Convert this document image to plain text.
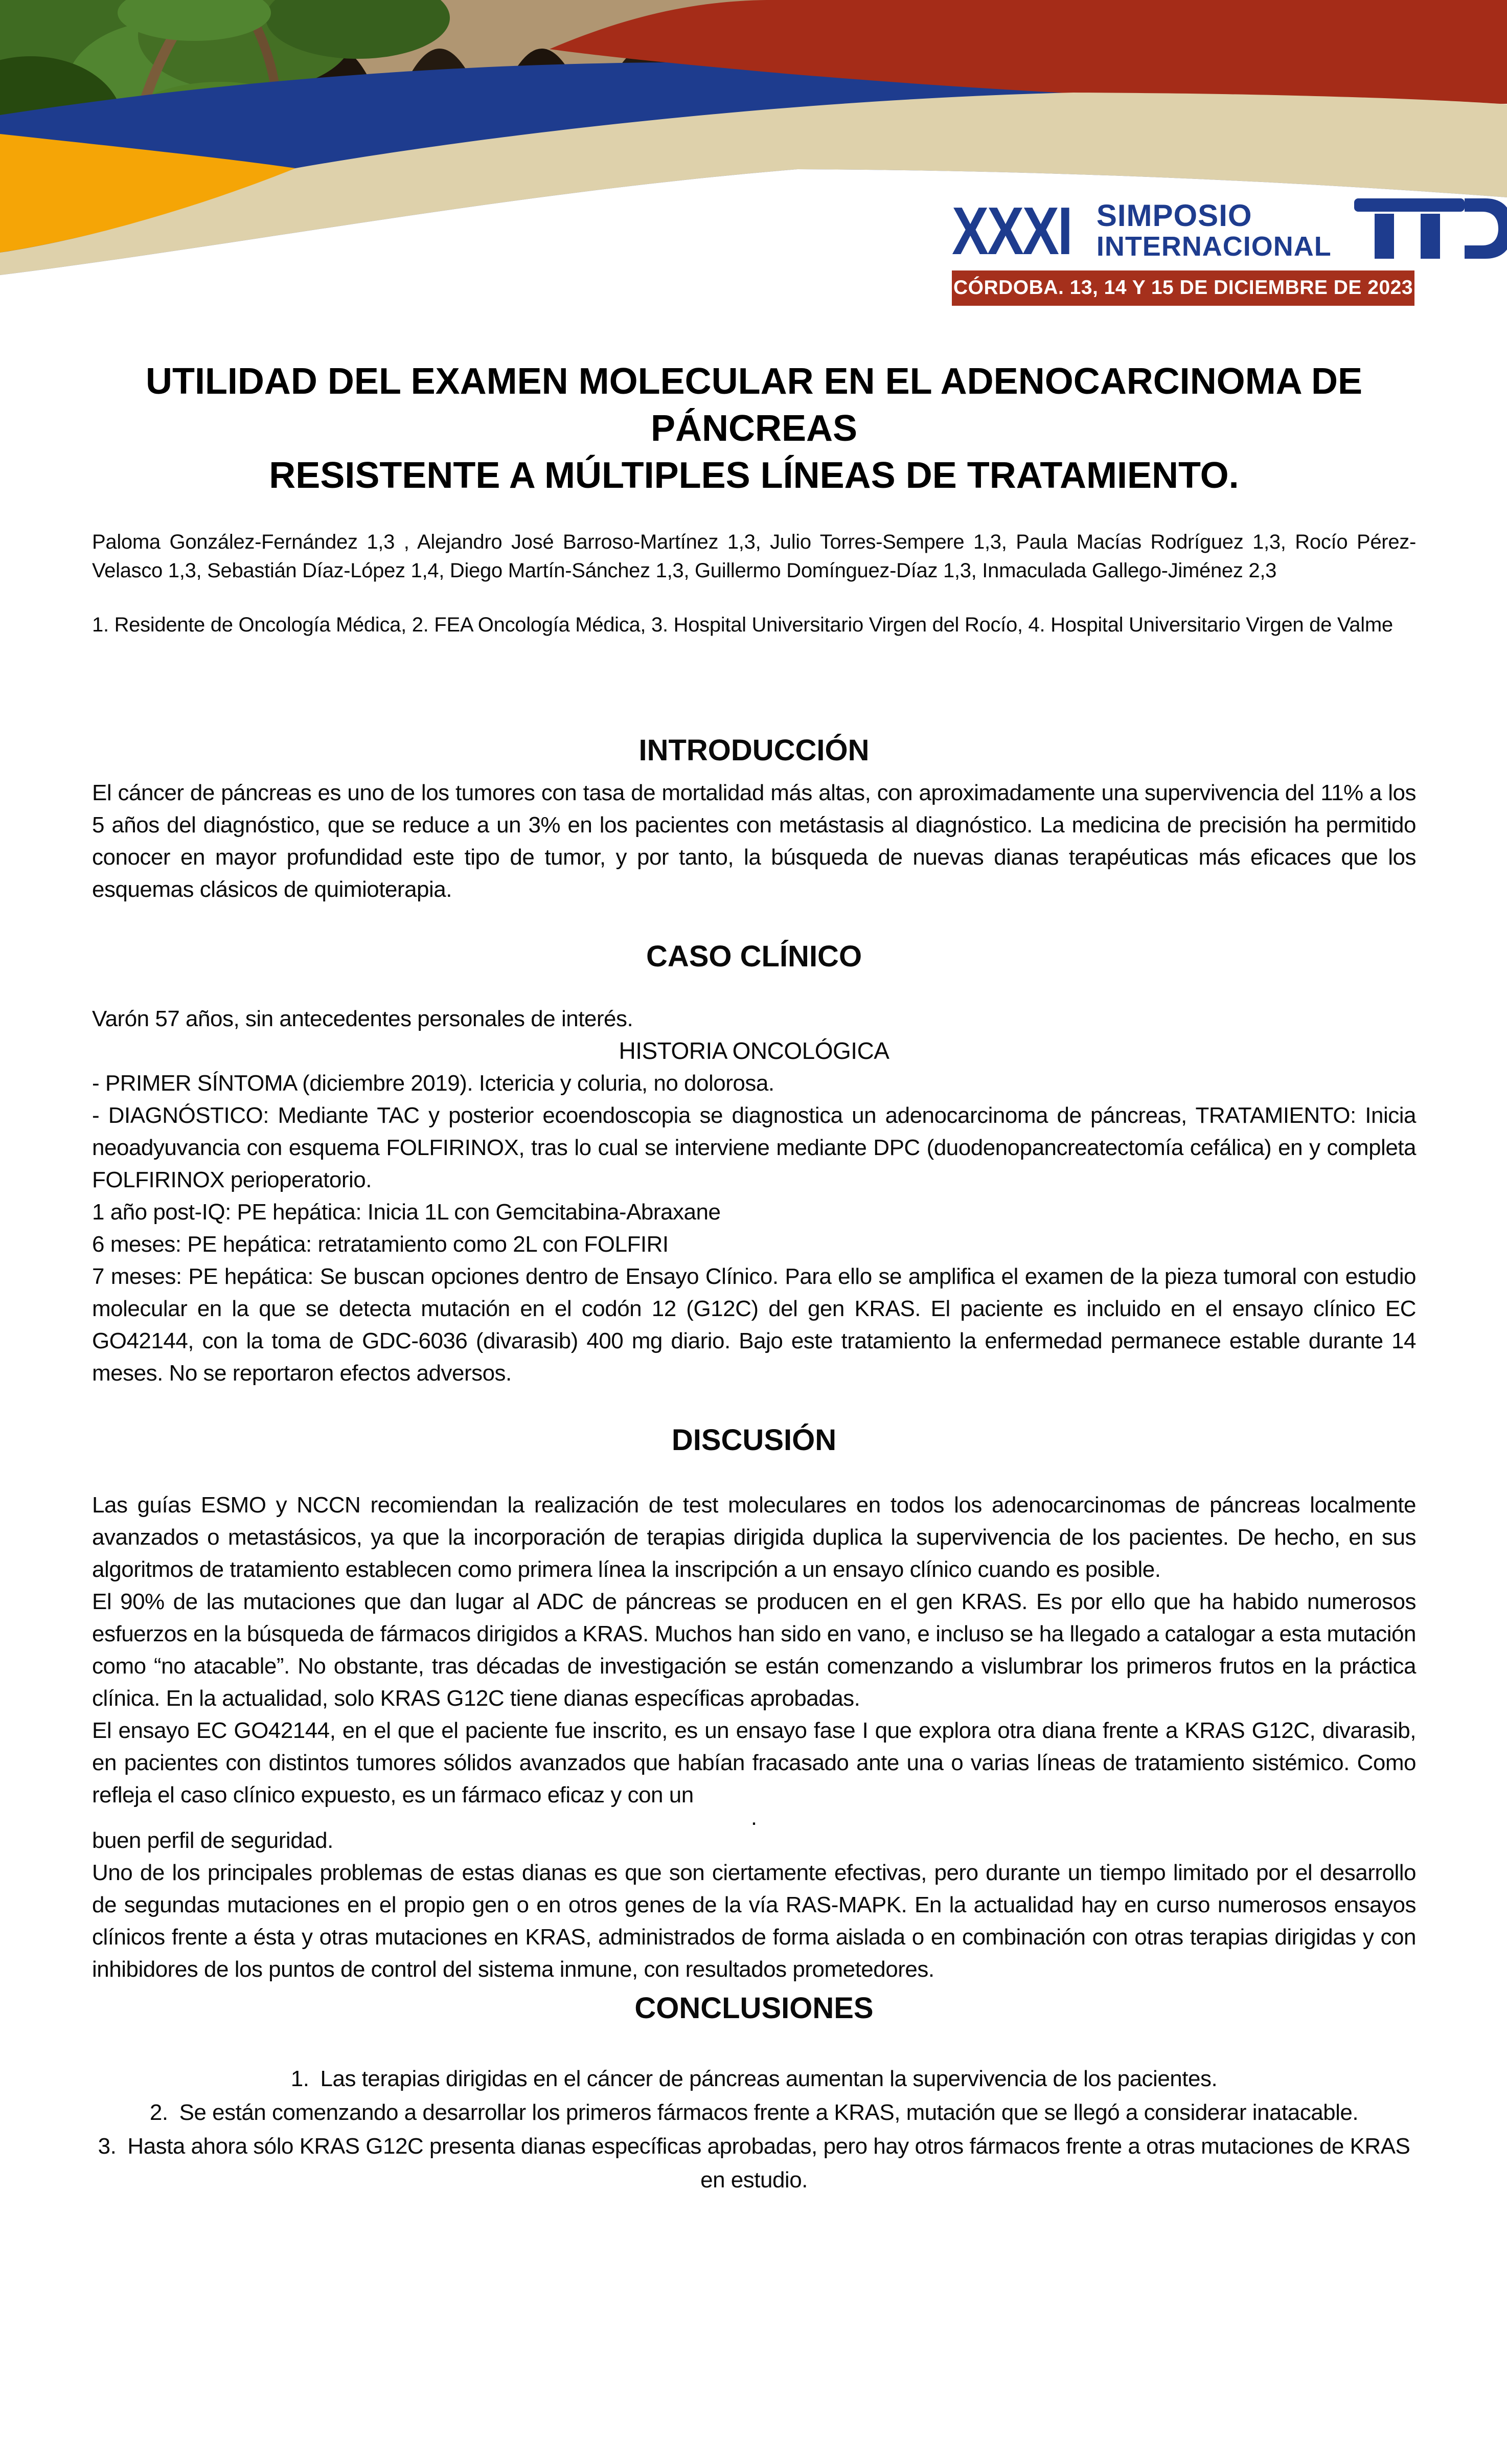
XXXI SIMPOSIO
INTERNACIONAL
CÓRDOBA. 13, 14 Y 15 DE DICIEMBRE DE 2023
UTILIDAD DEL EXAMEN MOLECULAR EN EL ADENOCARCINOMA DE PÁNCREAS
RESISTENTE A MÚLTIPLES LÍNEAS DE TRATAMIENTO.

Paloma González-Fernández 1,3 , Alejandro José Barroso-Martínez 1,3, Julio Torres-Sempere 1,3, Paula Macías Rodríguez 1,3, Rocío Pérez-Velasco 1,3, Sebastián Díaz-López 1,4, Diego Martín-Sánchez 1,3, Guillermo Domínguez-Díaz 1,3, Inmaculada Gallego-Jiménez 2,3

1. Residente de Oncología Médica, 2. FEA Oncología Médica, 3. Hospital Universitario Virgen del Rocío, 4. Hospital Universitario Virgen de Valme

INTRODUCCIÓN

El cáncer de páncreas es uno de los tumores con tasa de mortalidad más altas, con aproximadamente una supervivencia del 11% a los 5 años del diagnóstico, que se reduce a un 3% en los pacientes con metástasis al diagnóstico. La medicina de precisión ha permitido conocer en mayor profundidad este tipo de tumor, y por tanto, la búsqueda de nuevas dianas terapéuticas más eficaces que los esquemas clásicos de quimioterapia.

CASO CLÍNICO

Varón 57 años, sin antecedentes personales de interés.

HISTORIA ONCOLÓGICA

- PRIMER SÍNTOMA (diciembre 2019). Ictericia y coluria, no dolorosa.

- DIAGNÓSTICO: Mediante TAC y posterior ecoendoscopia se diagnostica un adenocarcinoma de páncreas, TRATAMIENTO: Inicia neoadyuvancia con esquema FOLFIRINOX, tras lo cual se interviene mediante DPC (duodenopancreatectomía cefálica) en y completa FOLFIRINOX perioperatorio.

1 año post-IQ: PE hepática: Inicia 1L con Gemcitabina-Abraxane

6 meses: PE hepática: retratamiento como 2L con FOLFIRI

7 meses: PE hepática: Se buscan opciones dentro de Ensayo Clínico. Para ello se amplifica el examen de la pieza tumoral con estudio molecular en la que se detecta mutación en el codón 12 (G12C) del gen KRAS. El paciente es incluido en el ensayo clínico EC GO42144, con la toma de GDC-6036 (divarasib) 400 mg diario. Bajo este tratamiento la enfermedad permanece estable durante 14 meses. No se reportaron efectos adversos.

DISCUSIÓN

Las guías ESMO y NCCN recomiendan la realización de test moleculares en todos los adenocarcinomas de páncreas localmente avanzados o metastásicos, ya que la incorporación de terapias dirigida duplica la supervivencia de los pacientes. De hecho, en sus algoritmos de tratamiento establecen como primera línea la inscripción a un ensayo clínico cuando es posible.

El 90% de las mutaciones que dan lugar al ADC de páncreas se producen en el gen KRAS. Es por ello que ha habido numerosos esfuerzos en la búsqueda de fármacos dirigidos a KRAS. Muchos han sido en vano, e incluso se ha llegado a catalogar a esta mutación como “no atacable”. No obstante, tras décadas de investigación se están comenzando a vislumbrar los primeros frutos en la práctica clínica. En la actualidad, solo KRAS G12C tiene dianas específicas aprobadas.

El ensayo EC GO42144, en el que el paciente fue inscrito, es un ensayo fase I que explora otra diana frente a KRAS G12C, divarasib, en pacientes con distintos tumores sólidos avanzados que habían fracasado ante una o varias líneas de tratamiento sistémico. Como refleja el caso clínico expuesto, es un fármaco eficaz y con un

.

buen perfil de seguridad.

Uno de los principales problemas de estas dianas es que son ciertamente efectivas, pero durante un tiempo limitado por el desarrollo de segundas mutaciones en el propio gen o en otros genes de la vía RAS-MAPK. En la actualidad hay en curso numerosos ensayos clínicos frente a ésta y otras mutaciones en KRAS, administrados de forma aislada o en combinación con otras terapias dirigidas y con inhibidores de los puntos de control del sistema inmune, con resultados prometedores.

CONCLUSIONES

1. Las terapias dirigidas en el cáncer de páncreas aumentan la supervivencia de los pacientes.

2. Se están comenzando a desarrollar los primeros fármacos frente a KRAS, mutación que se llegó a considerar inatacable.

3. Hasta ahora sólo KRAS G12C presenta dianas específicas aprobadas, pero hay otros fármacos frente a otras mutaciones de KRAS en estudio.
